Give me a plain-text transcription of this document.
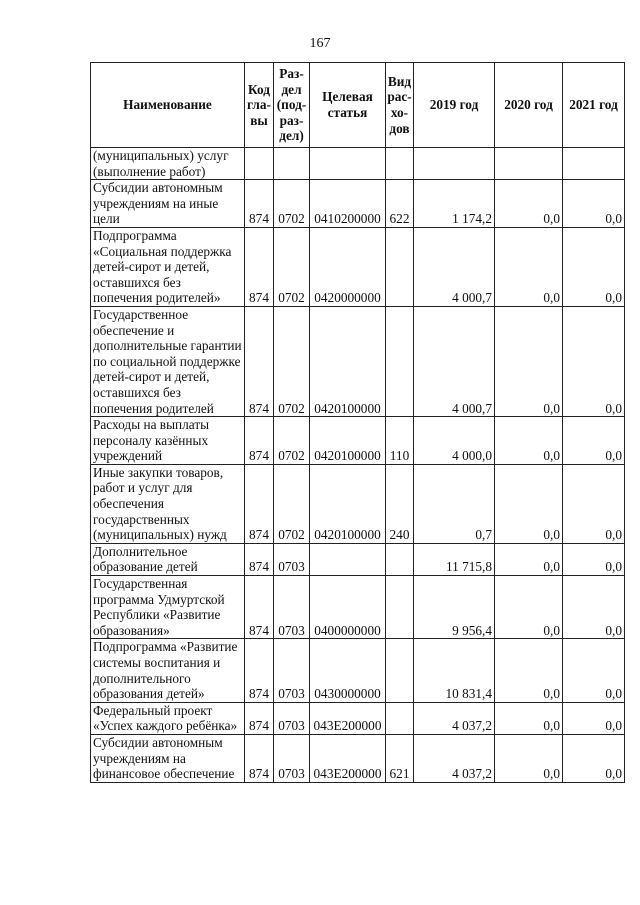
167
Наименование	Код гла- вы	Раз- дел (под- раз- дел)	Целевая статья	Вид рас- хо- дов	2019 год	2020 год	2021 год
(муниципальных) услуг (выполнение работ)							
Субсидии автономным учреждениям на иные цели	874	0702	0410200000	622	1 174,2	0,0	0,0
Подпрограмма «Социальная поддержка детей-сирот и детей, оставшихся без попечения родителей»	874	0702	0420000000		4 000,7	0,0	0,0
Государственное обеспечение и дополнительные гарантии по социальной поддержке детей-сирот и детей, оставшихся без попечения родителей	874	0702	0420100000		4 000,7	0,0	0,0
Расходы на выплаты персоналу казённых учреждений	874	0702	0420100000	110	4 000,0	0,0	0,0
Иные закупки товаров, работ и услуг для обеспечения государственных (муниципальных) нужд	874	0702	0420100000	240	0,7	0,0	0,0
Дополнительное образование детей	874	0703			11 715,8	0,0	0,0
Государственная программа Удмуртской Республики «Развитие образования»	874	0703	0400000000		9 956,4	0,0	0,0
Подпрограмма «Развитие системы воспитания и дополнительного образования детей»	874	0703	0430000000		10 831,4	0,0	0,0
Федеральный проект «Успех каждого ребёнка»	874	0703	043Е200000		4 037,2	0,0	0,0
Субсидии автономным учреждениям на финансовое обеспечение	874	0703	043Е200000	621	4 037,2	0,0	0,0
